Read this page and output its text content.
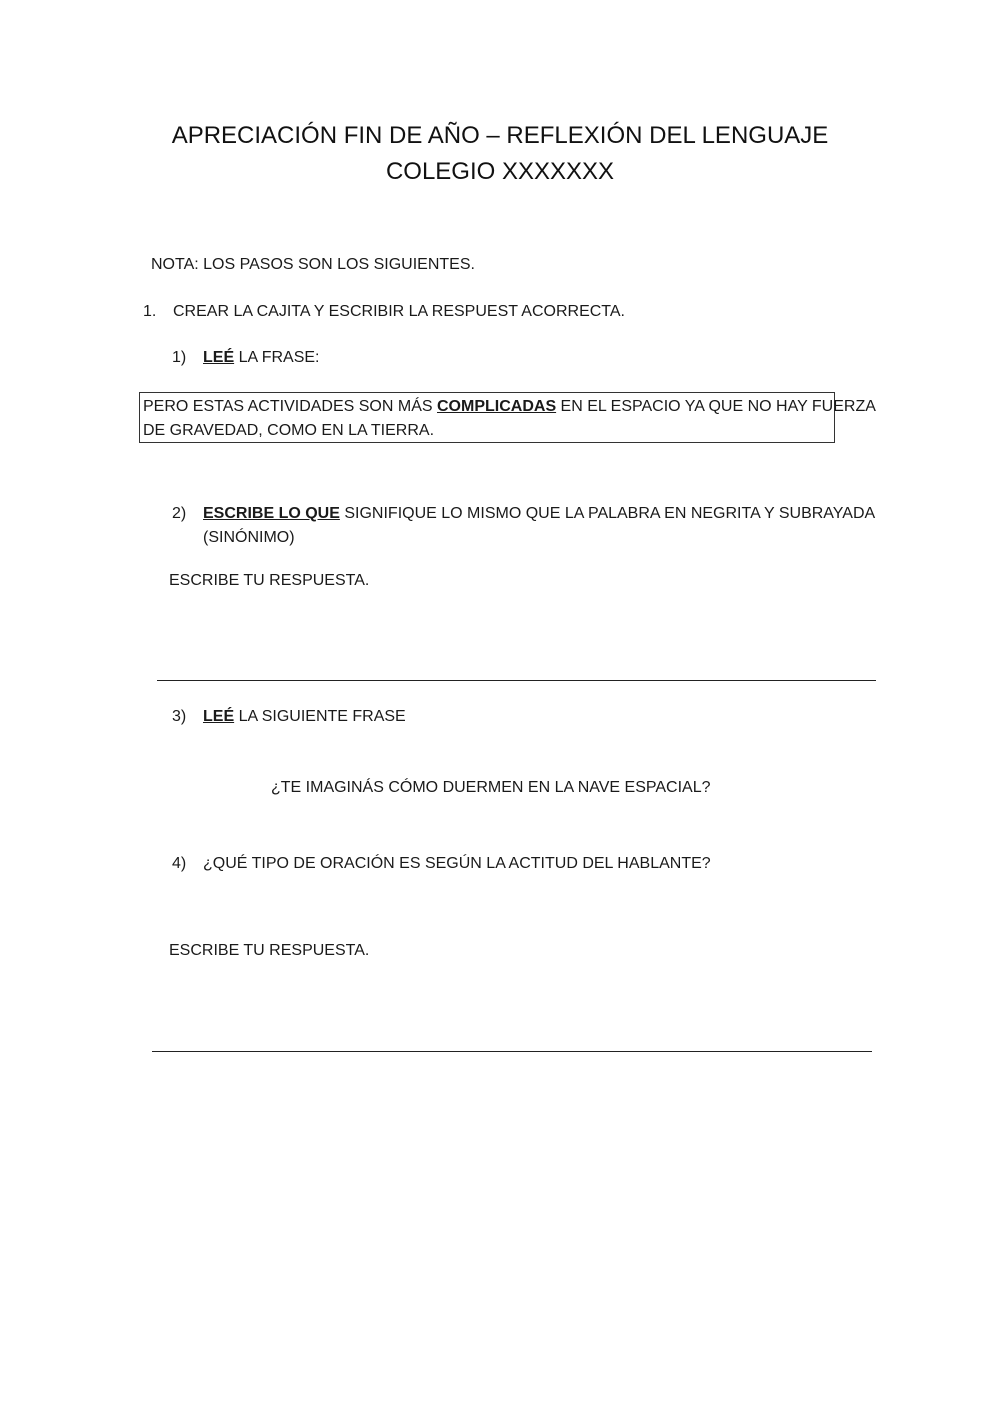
APRECIACIÓN FIN DE AÑO – REFLEXIÓN DEL LENGUAJE
COLEGIO XXXXXXX
NOTA: LOS PASOS SON LOS SIGUIENTES.
1. CREAR LA CAJITA Y ESCRIBIR LA RESPUEST ACORRECTA.
1) LEÉ LA FRASE:
PERO ESTAS ACTIVIDADES SON MÁS COMPLICADAS EN EL ESPACIO YA QUE NO HAY FUERZA
DE GRAVEDAD, COMO EN LA TIERRA.
2) ESCRIBE LO QUE SIGNIFIQUE LO MISMO QUE LA PALABRA EN NEGRITA Y SUBRAYADA
(SINÓNIMO)
ESCRIBE TU RESPUESTA.
3) LEÉ LA SIGUIENTE FRASE
¿TE IMAGINÁS CÓMO DUERMEN EN LA NAVE ESPACIAL?
4) ¿QUÉ TIPO DE ORACIÓN ES SEGÚN LA ACTITUD DEL HABLANTE?
ESCRIBE TU RESPUESTA.
